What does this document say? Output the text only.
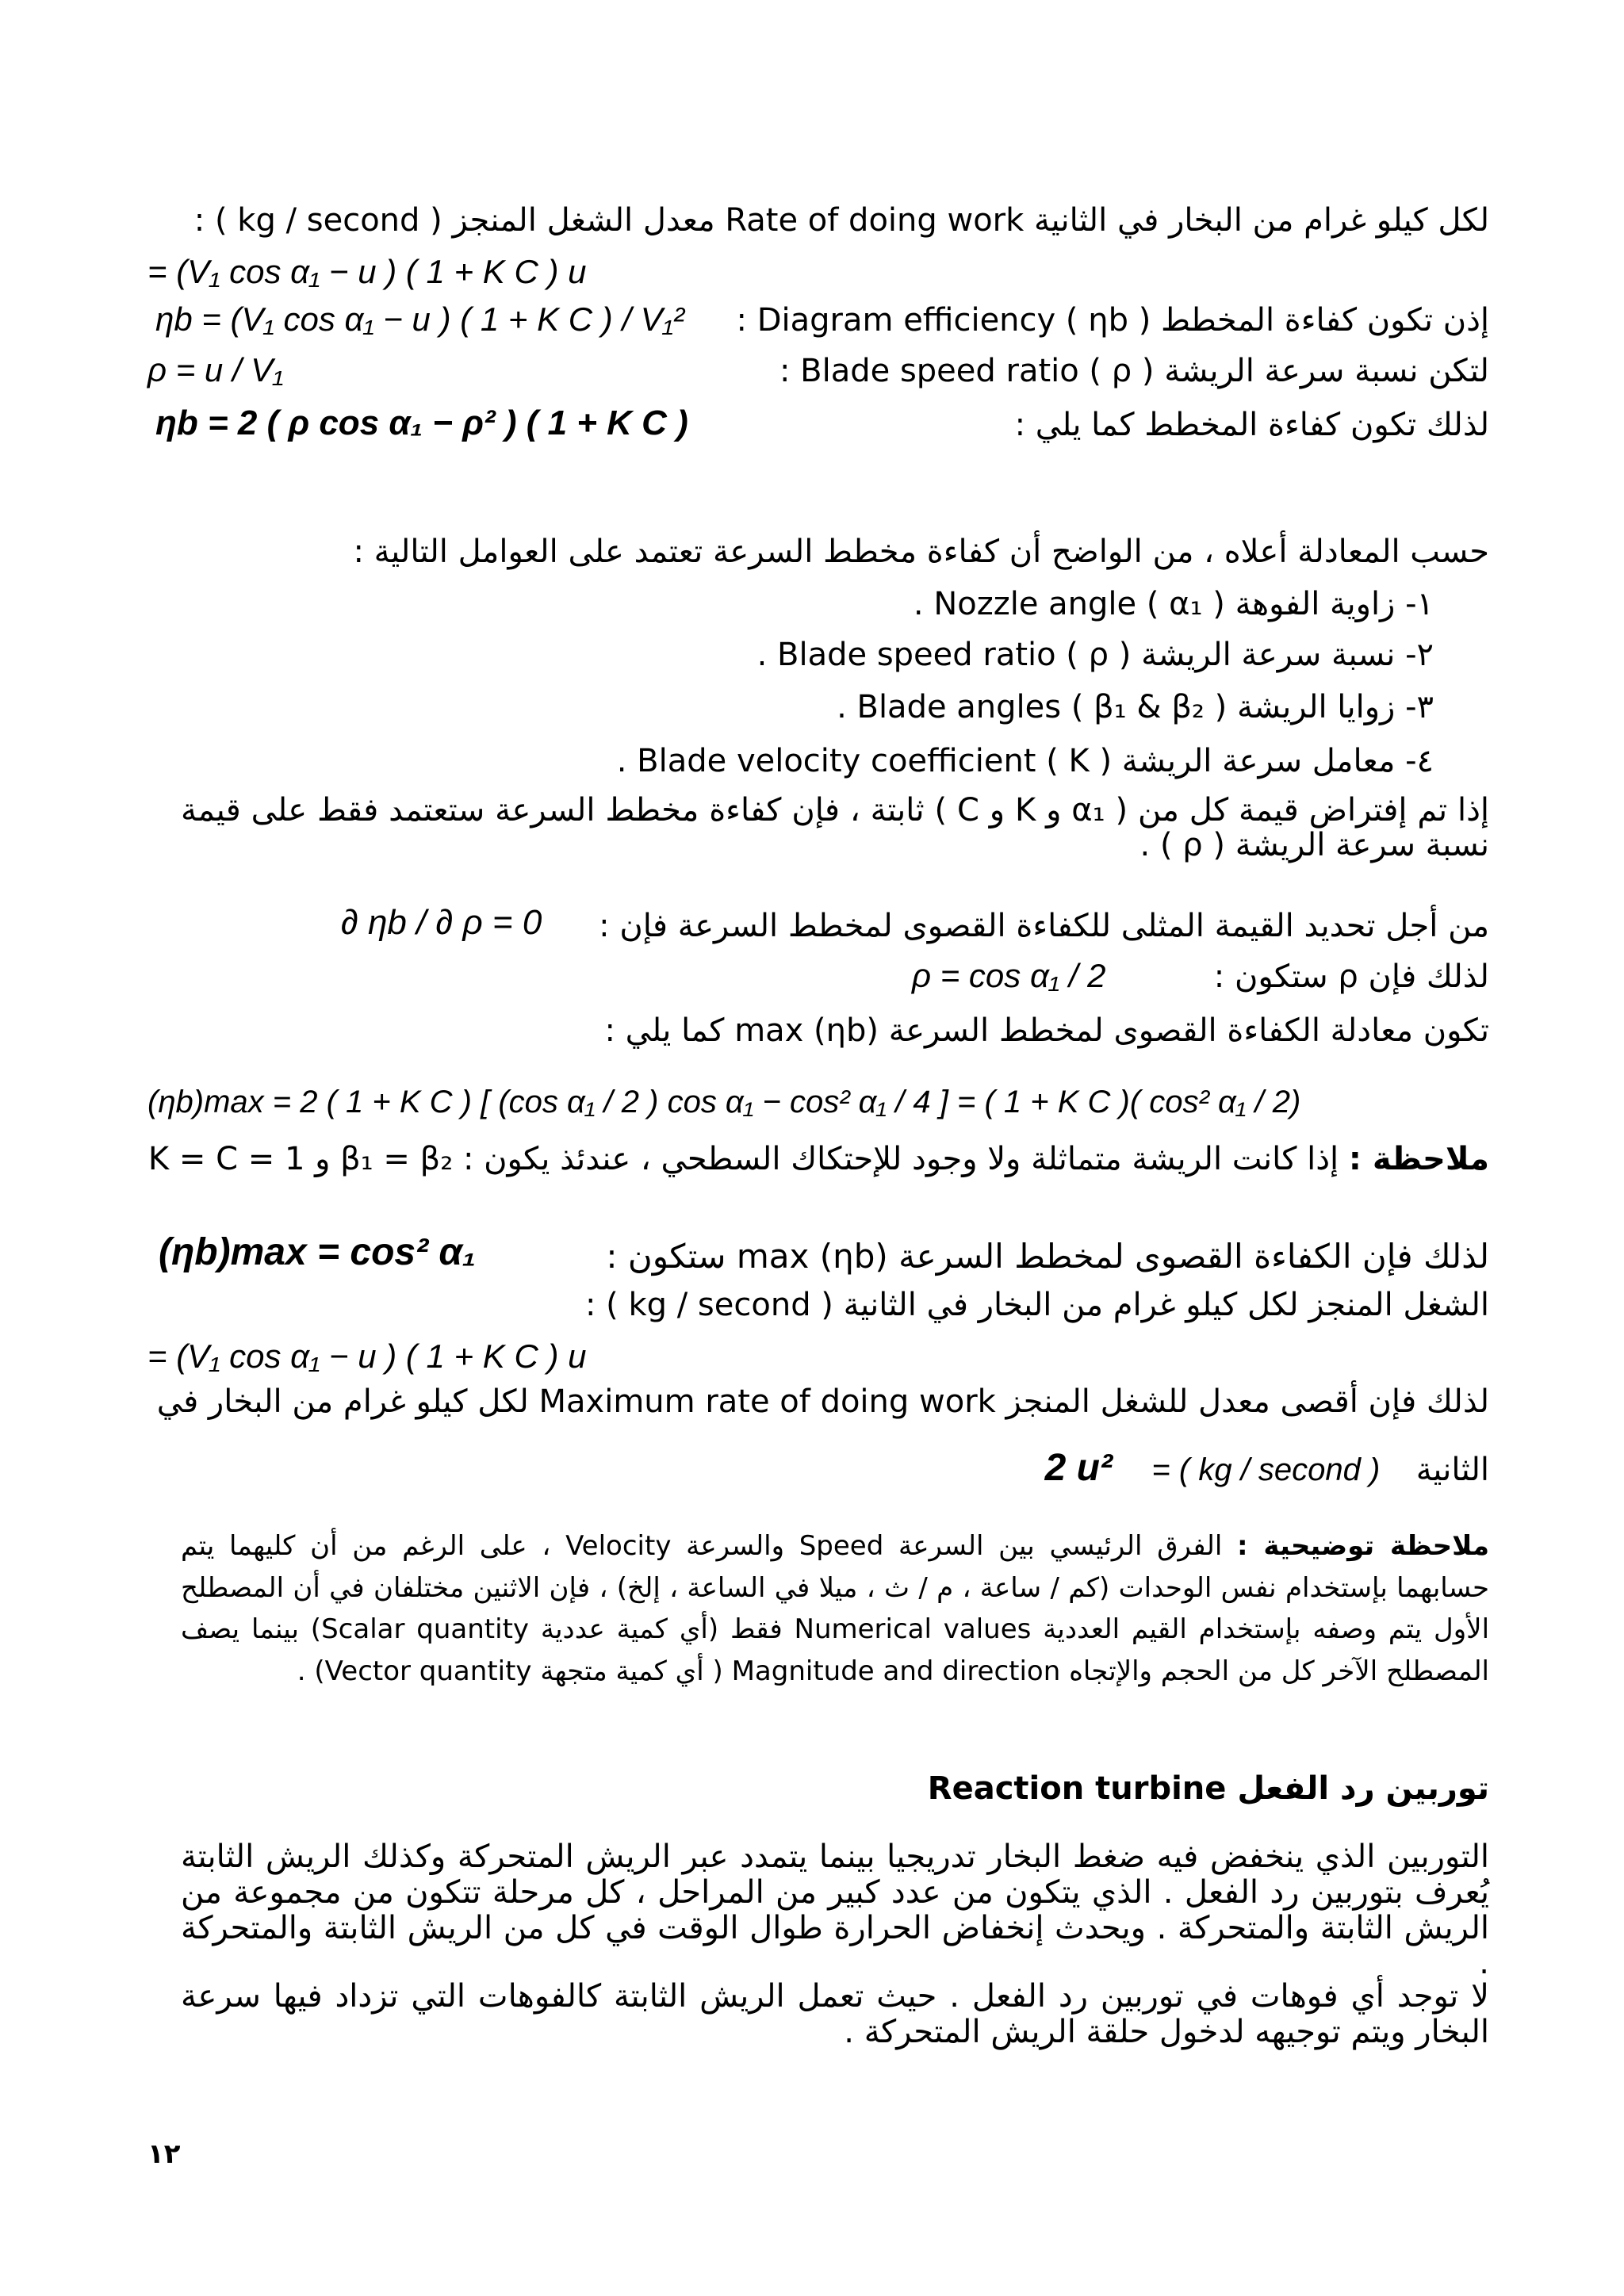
: ( kg / second ) معدل الشغل المنجز Rate of doing work لكل كيلو غرام من البخار في الثانية
= (V₁ cos α₁ − u ) ( 1 + K C ) u
إذن تكون كفاءة المخطط ( ηb ) Diagram efficiency :
ηb = (V₁ cos α₁ − u ) ( 1 + K C ) / V₁²
لتكن نسبة سرعة الريشة ( ρ ) Blade speed ratio :
ρ = u / V₁
لذلك تكون كفاءة المخطط كما يلي :
ηb = 2 ( ρ cos α₁ − ρ² ) ( 1 + K C )
حسب المعادلة أعلاه ، من الواضح أن كفاءة مخطط السرعة تعتمد على العوامل التالية :
١- زاوية الفوهة Nozzle angle ( α₁ ) .
٢- نسبة سرعة الريشة ( ρ ) Blade speed ratio .
٣- زوايا الريشة ( β₁ & β₂ ) Blade angles .
٤- معامل سرعة الريشة Blade velocity coefficient ( K ) .
إذا تم إفتراض قيمة كل من ( α₁ و K و C ) ثابتة ، فإن كفاءة مخطط السرعة ستعتمد فقط على قيمة نسبة سرعة الريشة ( ρ ) .
من أجل تحديد القيمة المثلى للكفاءة القصوى لمخطط السرعة فإن :
∂ ηb / ∂ ρ = 0
لذلك فإن ρ ستكون :
ρ = cos α₁ / 2
تكون معادلة الكفاءة القصوى لمخطط السرعة (ηb) max كما يلي :
(ηb)max = 2 ( 1 + K C ) [ (cos α₁ / 2 ) cos α₁ − cos² α₁ / 4 ] = ( 1 + K C )( cos² α₁ / 2)
ملاحظة : إذا كانت الريشة متماثلة ولا وجود للإحتكاك السطحي ، عندئذ يكون : β₁ = β₂ و K = C = 1
لذلك فإن الكفاءة القصوى لمخطط السرعة (ηb) max ستكون :
(ηb)max = cos² α₁
: ( kg / second ) الشغل المنجز لكل كيلو غرام من البخار في الثانية
= (V₁ cos α₁ − u ) ( 1 + K C ) u
لذلك فإن أقصى معدل للشغل المنجز Maximum rate of doing work لكل كيلو غرام من البخار في
الثانية  = ( kg / second )  2 u²
ملاحظة توضيحية : الفرق الرئيسي بين السرعة Speed والسرعة Velocity ، على الرغم من أن كليهما يتم حسابهما بإستخدام نفس الوحدات (كم / ساعة ، م / ث ، ميلا في الساعة ، إلخ) ، فإن الاثنين مختلفان في أن المصطلح الأول يتم وصفه بإستخدام القيم العددية Numerical values فقط (أي كمية عددية Scalar quantity) بينما يصف المصطلح الآخر كل من الحجم والإتجاه Magnitude and direction ( أي كمية متجهة Vector quantity) .
توربين رد الفعل Reaction turbine
التوربين الذي ينخفض فيه ضغط البخار تدريجيا بينما يتمدد عبر الريش المتحركة وكذلك الريش الثابتة يُعرف بتوربين رد الفعل . الذي يتكون من عدد كبير من المراحل ، كل مرحلة تتكون من مجموعة من الريش الثابتة والمتحركة . ويحدث إنخفاض الحرارة طوال الوقت في كل من الريش الثابتة والمتحركة .
لا توجد أي فوهات في توربين رد الفعل . حيث تعمل الريش الثابتة كالفوهات التي تزداد فيها سرعة البخار ويتم توجيهه لدخول حلقة الريش المتحركة .
١٢
